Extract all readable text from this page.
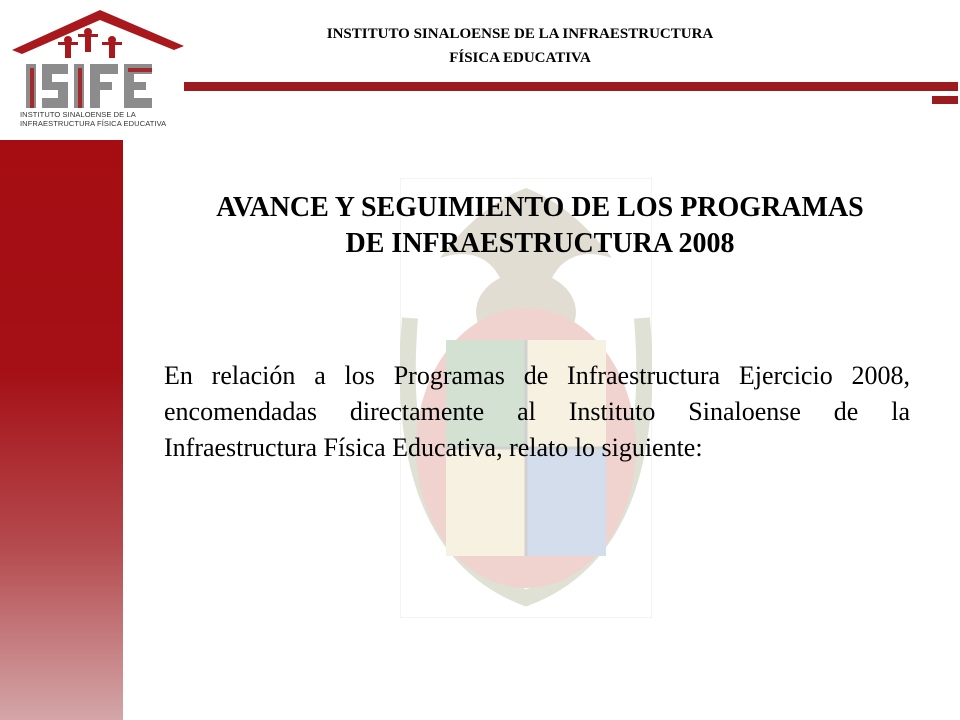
INSTITUTO SINALOENSE DE LA INFRAESTRUCTURA FÍSICA EDUCATIVA
INSTITUTO SINALOENSE DE LA INFRAESTRUCTURA
FÍSICA EDUCATIVA
AVANCE Y SEGUIMIENTO DE LOS PROGRAMAS
DE INFRAESTRUCTURA 2008
En relación a los Programas de Infraestructura Ejercicio 2008, encomendadas directamente al Instituto Sinaloense de la Infraestructura Física Educativa, relato lo siguiente:
